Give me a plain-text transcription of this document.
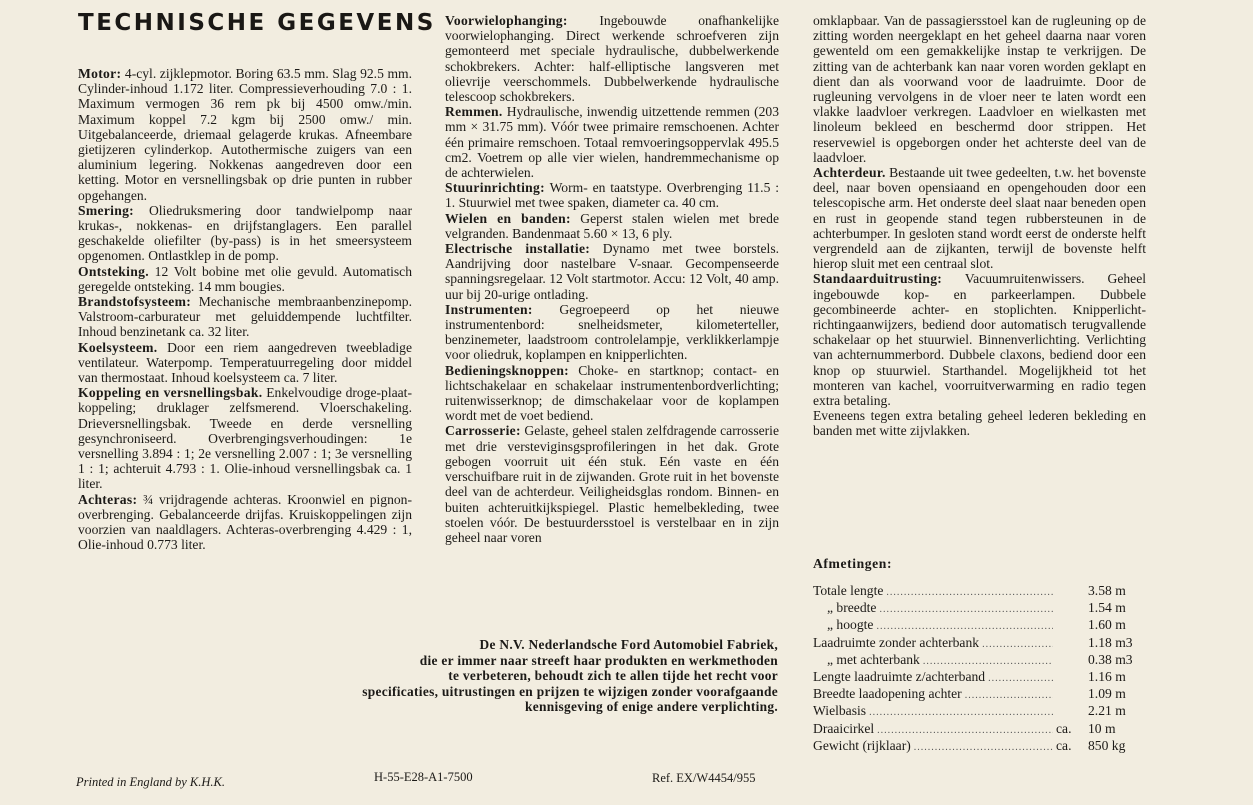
TECHNISCHE GEGEVENS

Motor: 4-cyl. zijklepmotor. Boring 63.5 mm. Slag 92.5 mm. Cylinder-inhoud 1.172 liter. Compressieverhouding 7.0 : 1. Maximum vermogen 36 rem pk bij 4500 omw./min. Maximum koppel 7.2 kgm bij 2500 omw./ min. Uitgebalanceerde, driemaal gelagerde krukas. Afneembare gietijzeren cylinderkop. Autothermische zuigers van een aluminium legering. Nokkenas aangedreven door een ketting. Motor en versnellingsbak op drie punten in rubber opgehangen.

Smering: Oliedruksmering door tandwielpomp naar krukas-, nokkenas- en drijfstanglagers. Een parallel geschakelde oliefilter (by-pass) is in het smeersysteem opgenomen. Ontlastklep in de pomp.

Ontsteking. 12 Volt bobine met olie gevuld. Automatisch geregelde ontsteking. 14 mm bougies.

Brandstofsysteem: Mechanische membraanbenzinepomp. Valstroom-carburateur met geluiddempende luchtfilter. Inhoud benzinetank ca. 32 liter.

Koelsysteem. Door een riem aangedreven tweebladige ventilateur. Waterpomp. Temperatuurregeling door middel van thermostaat. Inhoud koelsysteem ca. 7 liter.

Koppeling en versnellingsbak. Enkelvoudige droge-plaat-koppeling; druklager zelfsmerend. Vloerschakeling. Drieversnellingsbak. Tweede en derde versnelling gesynchroniseerd. Overbrengingsverhoudingen: 1e versnelling 3.894 : 1; 2e versnelling 2.007 : 1; 3e versnelling 1 : 1; achteruit 4.793 : 1. Olie-inhoud versnellingsbak ca. 1 liter.

Achteras: ¾ vrijdragende achteras. Kroonwiel en pignon-overbrenging. Gebalanceerde drijfas. Kruiskoppelingen zijn voorzien van naaldlagers. Achteras-overbrenging 4.429 : 1, Olie-inhoud 0.773 liter.

Voorwielophanging: Ingebouwde onafhankelijke voorwielophanging. Direct werkende schroefveren zijn gemonteerd met speciale hydraulische, dubbelwerkende schokbrekers. Achter: half-elliptische langsveren met olievrije veerschommels. Dubbelwerkende hydraulische telescoop schokbrekers.

Remmen. Hydraulische, inwendig uitzettende remmen (203 mm × 31.75 mm). Vóór twee primaire remschoenen. Achter één primaire remschoen. Totaal remvoeringsoppervlak 495.5 cm2. Voetrem op alle vier wielen, handremmechanisme op de achterwielen.

Stuurinrichting: Worm- en taatstype. Overbrenging 11.5 : 1. Stuurwiel met twee spaken, diameter ca. 40 cm.

Wielen en banden: Geperst stalen wielen met brede velgranden. Bandenmaat 5.60 × 13, 6 ply.

Electrische installatie: Dynamo met twee borstels. Aandrijving door nastelbare V-snaar. Gecompenseerde spanningsregelaar. 12 Volt startmotor. Accu: 12 Volt, 40 amp. uur bij 20-urige ontlading.

Instrumenten: Gegroepeerd op het nieuwe instrumentenbord: snelheidsmeter, kilometerteller, benzinemeter, laadstroom controlelampje, verklikkerlampje voor oliedruk, koplampen en knipperlichten.

Bedieningsknoppen: Choke- en startknop; contact- en lichtschakelaar en schakelaar instrumentenbordverlichting; ruitenwisserknop; de dimschakelaar voor de koplampen wordt met de voet bediend.

Carrosserie: Gelaste, geheel stalen zelfdragende carrosserie met drie versteviginsgsprofileringen in het dak. Grote gebogen voorruit uit één stuk. Eén vaste en één verschuifbare ruit in de zijwanden. Grote ruit in het bovenste deel van de achterdeur. Veiligheidsglas rondom. Binnen- en buiten achteruitkijkspiegel. Plastic hemelbekleding, twee stoelen vóór. De bestuurdersstoel is verstelbaar en in zijn geheel naar voren

omklapbaar. Van de passagiersstoel kan de rugleuning op de zitting worden neergeklapt en het geheel daarna naar voren gewenteld om een gemakkelijke instap te verkrijgen. De zitting van de achterbank kan naar voren worden geklapt en dient dan als voorwand voor de laadruimte. Door de rugleuning vervolgens in de vloer neer te laten wordt een vlakke laadvloer verkregen. Laadvloer en wielkasten met linoleum bekleed en beschermd door strippen. Het reservewiel is opgeborgen onder het achterste deel van de laadvloer.

Achterdeur. Bestaande uit twee gedeelten, t.w. het bovenste deel, naar boven opensiaand en opengehouden door een telescopische arm. Het onderste deel slaat naar beneden open en rust in geopende stand tegen rubbersteunen in de achterbumper. In gesloten stand wordt eerst de onderste helft vergrendeld aan de zijkanten, terwijl de bovenste helft hierop sluit met een centraal slot.

Standaarduitrusting: Vacuumruitenwissers. Geheel ingebouwde kop- en parkeerlampen. Dubbele gecombineerde achter- en stoplichten. Knipperlicht-richtingaanwijzers, bediend door automatisch terugvallende schakelaar op het stuurwiel. Binnenverlichting. Verlichting van achternummerbord. Dubbele claxons, bediend door een knop op stuurwiel. Starthandel. Mogelijkheid tot het monteren van kachel, voorruitverwarming en radio tegen extra betaling.

Eveneens tegen extra betaling geheel lederen bekleding en banden met witte zijvlakken.

Afmetingen:

Totale lengte .....	3.58 m
„ breedte .....	1.54 m
„ hoogte .....	1.60 m
Laadruimte zonder achterbank .....	1.18 m3
„ met achterbank .....	0.38 m3
Lengte laadruimte z/achterband .....	1.16 m
Breedte laadopening achter .....	1.09 m
Wielbasis .....	2.21 m
Draaicirkel .....	ca.	10 m
Gewicht (rijklaar) .....	ca.	850 kg

De N.V. Nederlandsche Ford Automobiel Fabriek,
die er immer naar streeft haar produkten en werkmethoden
te verbeteren, behoudt zich te allen tijde het recht voor
specificaties, uitrustingen en prijzen te wijzigen zonder voorafgaande
kennisgeving of enige andere verplichting.

Printed in England by K.H.K.	H-55-E28-A1-7500	Ref. EX/W4454/955
